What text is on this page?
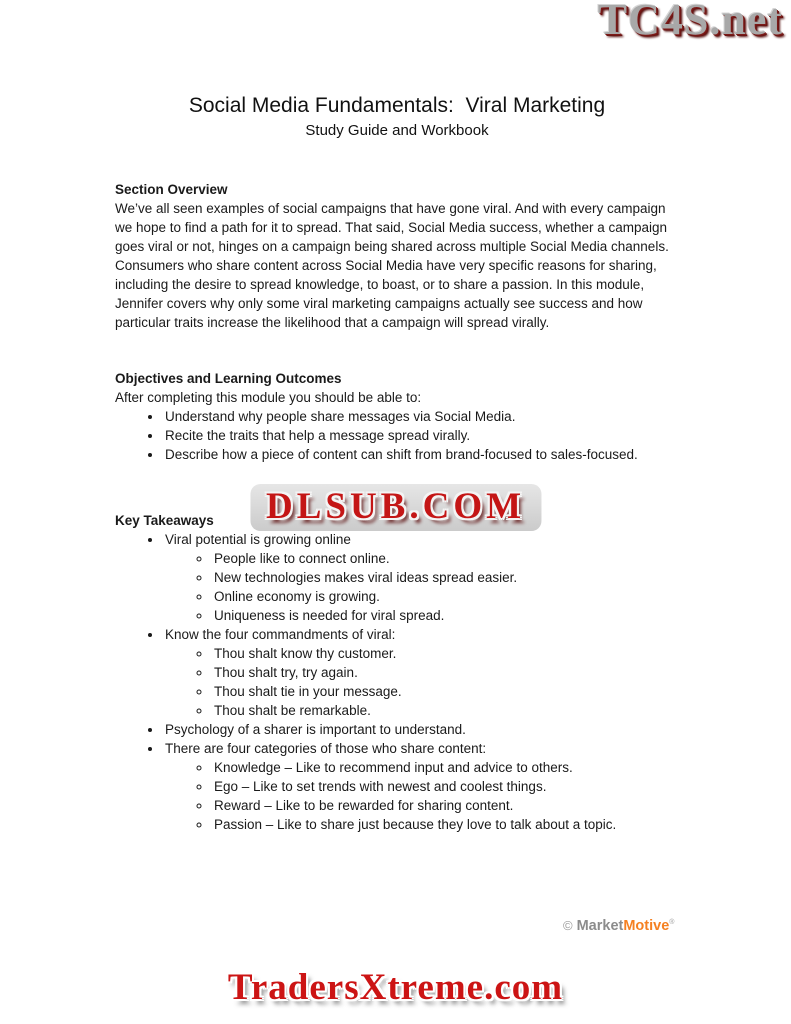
TC4S.net
Social Media Fundamentals:  Viral Marketing
Study Guide and Workbook
Section Overview

We’ve all seen examples of social campaigns that have gone viral. And with every campaign we hope to find a path for it to spread. That said, Social Media success, whether a campaign goes viral or not, hinges on a campaign being shared across multiple Social Media channels. Consumers who share content across Social Media have very specific reasons for sharing, including the desire to spread knowledge, to boast, or to share a passion. In this module, Jennifer covers why only some viral marketing campaigns actually see success and how particular traits increase the likelihood that a campaign will spread virally.

Objectives and Learning Outcomes
After completing this module you should be able to:
• Understand why people share messages via Social Media.
• Recite the traits that help a message spread virally.
• Describe how a piece of content can shift from brand-focused to sales-focused.
Key Takeaways
• Viral potential is growing online
◦ People like to connect online.
◦ New technologies makes viral ideas spread easier.
◦ Online economy is growing.
◦ Uniqueness is needed for viral spread.
• Know the four commandments of viral:
◦ Thou shalt know thy customer.
◦ Thou shalt try, try again.
◦ Thou shalt tie in your message.
◦ Thou shalt be remarkable.
• Psychology of a sharer is important to understand.
• There are four categories of those who share content:
◦ Knowledge – Like to recommend input and advice to others.
◦ Ego – Like to set trends with newest and coolest things.
◦ Reward – Like to be rewarded for sharing content.
◦ Passion – Like to share just because they love to talk about a topic.
DLSUB.COM
© MarketMotive®
TradersXtreme.com
